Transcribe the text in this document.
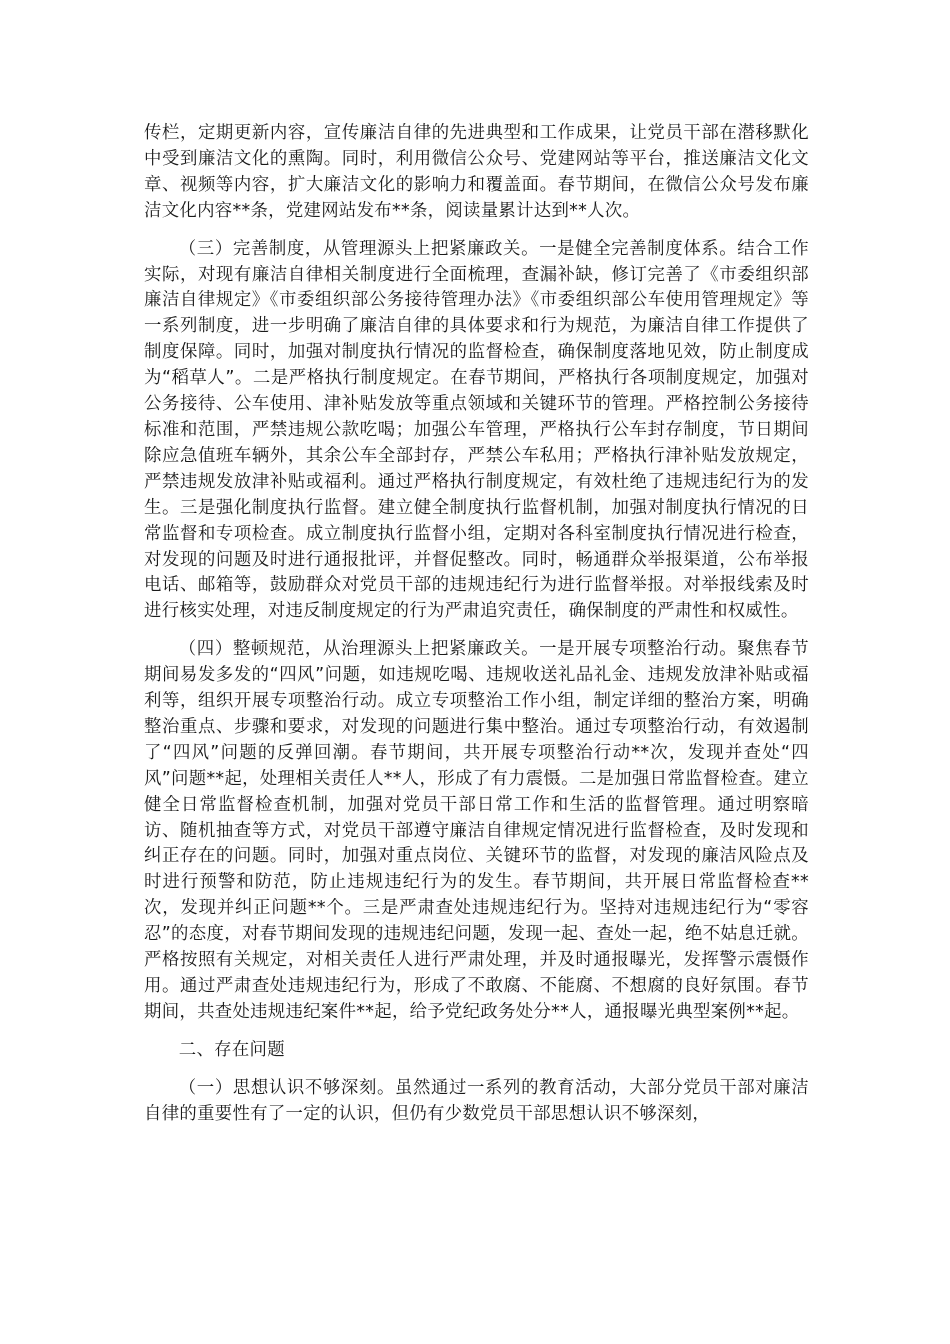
传栏，定期更新内容，宣传廉洁自律的先进典型和工作成果，让党员干部在潜移默化中受到廉洁文化的熏陶。同时，利用微信公众号、党建网站等平台，推送廉洁文化文章、视频等内容，扩大廉洁文化的影响力和覆盖面。春节期间，在微信公众号发布廉洁文化内容**条，党建网站发布**条，阅读量累计达到**人次。

（三）完善制度，从管理源头上把紧廉政关。一是健全完善制度体系。结合工作实际，对现有廉洁自律相关制度进行全面梳理，查漏补缺，修订完善了《市委组织部廉洁自律规定》《市委组织部公务接待管理办法》《市委组织部公车使用管理规定》等一系列制度，进一步明确了廉洁自律的具体要求和行为规范，为廉洁自律工作提供了制度保障。同时，加强对制度执行情况的监督检查，确保制度落地见效，防止制度成为“稻草人”。二是严格执行制度规定。在春节期间，严格执行各项制度规定，加强对公务接待、公车使用、津补贴发放等重点领域和关键环节的管理。严格控制公务接待标准和范围，严禁违规公款吃喝；加强公车管理，严格执行公车封存制度，节日期间除应急值班车辆外，其余公车全部封存，严禁公车私用；严格执行津补贴发放规定，严禁违规发放津补贴或福利。通过严格执行制度规定，有效杜绝了违规违纪行为的发生。三是强化制度执行监督。建立健全制度执行监督机制，加强对制度执行情况的日常监督和专项检查。成立制度执行监督小组，定期对各科室制度执行情况进行检查，对发现的问题及时进行通报批评，并督促整改。同时，畅通群众举报渠道，公布举报电话、邮箱等，鼓励群众对党员干部的违规违纪行为进行监督举报。对举报线索及时进行核实处理，对违反制度规定的行为严肃追究责任，确保制度的严肃性和权威性。

（四）整顿规范，从治理源头上把紧廉政关。一是开展专项整治行动。聚焦春节期间易发多发的“四风”问题，如违规吃喝、违规收送礼品礼金、违规发放津补贴或福利等，组织开展专项整治行动。成立专项整治工作小组，制定详细的整治方案，明确整治重点、步骤和要求，对发现的问题进行集中整治。通过专项整治行动，有效遏制了“四风”问题的反弹回潮。春节期间，共开展专项整治行动**次，发现并查处“四风”问题**起，处理相关责任人**人，形成了有力震慑。二是加强日常监督检查。建立健全日常监督检查机制，加强对党员干部日常工作和生活的监督管理。通过明察暗访、随机抽查等方式，对党员干部遵守廉洁自律规定情况进行监督检查，及时发现和纠正存在的问题。同时，加强对重点岗位、关键环节的监督，对发现的廉洁风险点及时进行预警和防范，防止违规违纪行为的发生。春节期间，共开展日常监督检查**次，发现并纠正问题**个。三是严肃查处违规违纪行为。坚持对违规违纪行为“零容忍”的态度，对春节期间发现的违规违纪问题，发现一起、查处一起，绝不姑息迁就。严格按照有关规定，对相关责任人进行严肃处理，并及时通报曝光，发挥警示震慑作用。通过严肃查处违规违纪行为，形成了不敢腐、不能腐、不想腐的良好氛围。春节期间，共查处违规违纪案件**起，给予党纪政务处分**人，通报曝光典型案例**起。

二、存在问题

（一）思想认识不够深刻。虽然通过一系列的教育活动，大部分党员干部对廉洁自律的重要性有了一定的认识，但仍有少数党员干部思想认识不够深刻，
